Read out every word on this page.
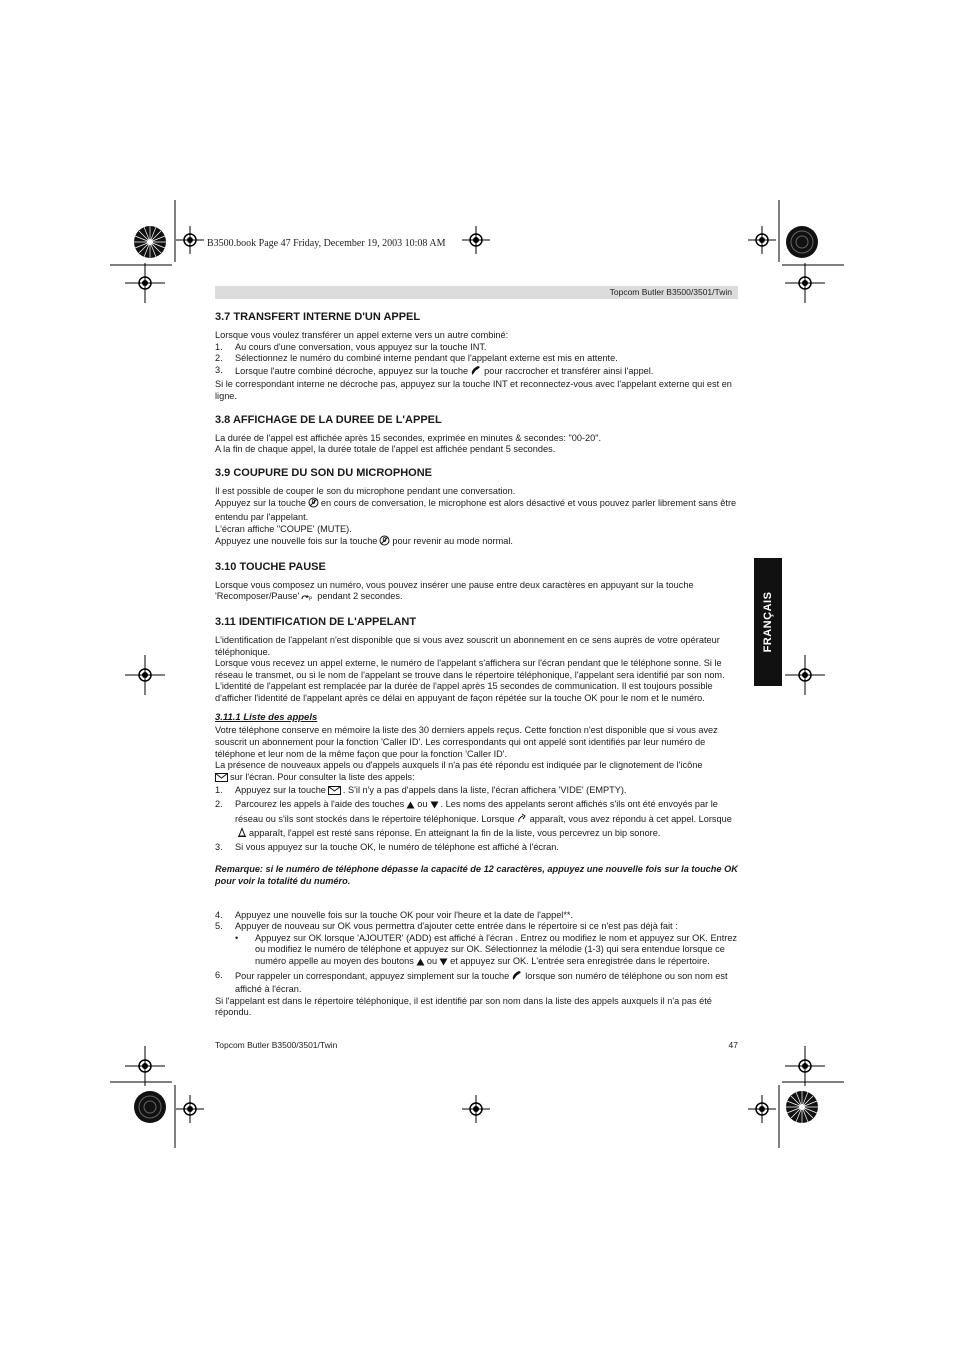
B3500.book Page 47 Friday, December 19, 2003 10:08 AM
Topcom Butler B3500/3501/Twin
FRANÇAIS
3.7 TRANSFERT INTERNE D'UN APPEL

Lorsque vous voulez transférer un appel externe vers un autre combiné:

1.	Au cours d'une conversation, vous appuyez sur la touche INT.
2.	Sélectionnez le numéro du combiné interne pendant que l'appelant externe est mis en attente.
3.	Lorsque l'autre combiné décroche, appuyez sur la touche pour raccrocher et transférer ainsi l'appel.

Si le correspondant interne ne décroche pas, appuyez sur la touche INT et reconnectez-vous avec l'appelant externe qui est en ligne.

3.8 AFFICHAGE DE LA DUREE DE L'APPEL

La durée de l'appel est affichée après 15 secondes, exprimée en minutes & secondes: "00-20".

A la fin de chaque appel, la durée totale de l'appel est affichée pendant 5 secondes.

3.9 COUPURE DU SON DU MICROPHONE

Il est possible de couper le son du microphone pendant une conversation.

Appuyez sur la touche en cours de conversation, le microphone est alors désactivé et vous pouvez parler librement sans être entendu par l'appelant.

L'écran affiche "COUPE' (MUTE).

Appuyez une nouvelle fois sur la touche pour revenir au mode normal.

3.10 TOUCHE PAUSE

Lorsque vous composez un numéro, vous pouvez insérer une pause entre deux caractères en appuyant sur la touche 'Recomposer/Pause' P pendant 2 secondes.

3.11 IDENTIFICATION DE L'APPELANT

L'identification de l'appelant n'est disponible que si vous avez souscrit un abonnement en ce sens auprès de votre opérateur téléphonique.

Lorsque vous recevez un appel externe, le numéro de l'appelant s'affichera sur l'écran pendant que le téléphone sonne. Si le réseau le transmet, ou si le nom de l'appelant se trouve dans le répertoire téléphonique, l'appelant sera identifié par son nom.

L'identité de l'appelant est remplacée par la durée de l'appel après 15 secondes de communication. Il est toujours possible d'afficher l'identité de l'appelant après ce délai en appuyant de façon répétée sur la touche OK pour le nom et le numéro.

3.11.1 Liste des appels

Votre téléphone conserve en mémoire la liste des 30 derniers appels reçus. Cette fonction n'est disponible que si vous avez souscrit un abonnement pour la fonction 'Caller ID'. Les correspondants qui ont appelé sont identifiés par leur numéro de téléphone et leur nom de la même façon que pour la fonction 'Caller ID'.

La présence de nouveaux appels ou d'appels auxquels il n'a pas été répondu est indiquée par le clignotement de l'icône
sur l'écran. Pour consulter la liste des appels:

1.	Appuyez sur la touche . S'il n'y a pas d'appels dans la liste, l'écran affichera 'VIDE' (EMPTY).
2.	Parcourez les appels à l'aide des touches ou . Les noms des appelants seront affichés s'ils ont été envoyés par le réseau ou s'ils sont stockés dans le répertoire téléphonique. Lorsque apparaît, vous avez répondu à cet appel. Lorsqueapparaît, l'appel est resté sans réponse. En atteignant la fin de la liste, vous percevrez un bip sonore.
3.	Si vous appuyez sur la touche OK, le numéro de téléphone est affiché à l'écran.

Remarque: si le numéro de téléphone dépasse la capacité de 12 caractères, appuyez une nouvelle fois sur la touche OK pour voir la totalité du numéro.

4.	Appuyez une nouvelle fois sur la touche OK pour voir l'heure et la date de l'appel**.
5.	Appuyer de nouveau sur OK vous permettra d'ajouter cette entrée dans le répertoire si ce n'est pas déjà fait :
•	Appuyez sur OK lorsque 'AJOUTER' (ADD) est affiché à l'écran . Entrez ou modifiez le nom et appuyez sur OK. Entrez ou modifiez le numéro de téléphone et appuyez sur OK. Sélectionnez la mélodie (1-3) qui sera entendue lorsque ce numéro appelle au moyen des boutons ou et appuyez sur OK. L'entrée sera enregistrée dans le répertoire.
6.	Pour rappeler un correspondant, appuyez simplement sur la touche lorsque son numéro de téléphone ou son nom est affiché à l'écran.

Si l'appelant est dans le répertoire téléphonique, il est identifié par son nom dans la liste des appels auxquels il n'a pas été répondu.

Topcom Butler B3500/3501/Twin	47
